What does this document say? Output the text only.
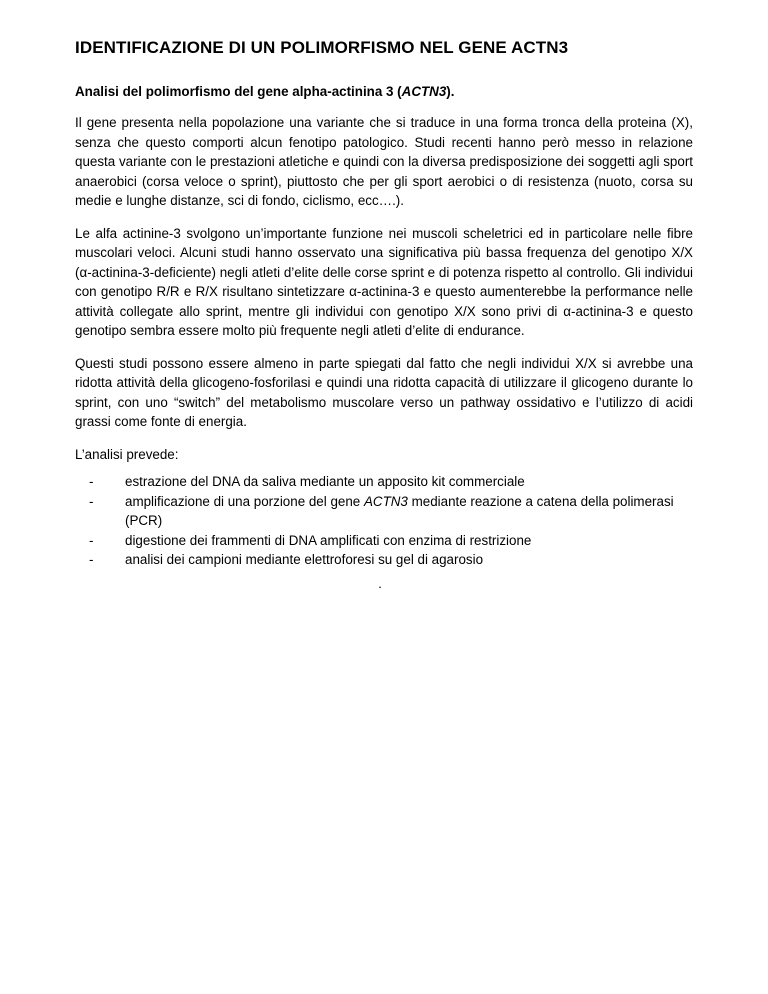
IDENTIFICAZIONE DI UN POLIMORFISMO NEL GENE ACTN3
Analisi del polimorfismo del gene alpha-actinina 3 (ACTN3).

Il gene presenta nella popolazione una variante che si traduce in una forma tronca della proteina (X), senza che questo comporti alcun fenotipo patologico. Studi recenti hanno però messo in relazione questa variante con le prestazioni atletiche e quindi con la diversa predisposizione dei soggetti agli sport anaerobici (corsa veloce o sprint), piuttosto che per gli sport aerobici o di resistenza (nuoto, corsa su medie e lunghe distanze, sci di fondo, ciclismo, ecc….).

Le alfa actinine-3 svolgono un’importante funzione nei muscoli scheletrici ed in particolare nelle fibre muscolari veloci. Alcuni studi hanno osservato una significativa più bassa frequenza del genotipo X/X (α-actinina-3-deficiente) negli atleti d’elite delle corse sprint e di potenza rispetto al controllo. Gli individui con genotipo R/R e R/X risultano sintetizzare α-actinina-3 e questo aumenterebbe la performance nelle attività collegate allo sprint, mentre gli individui con genotipo X/X sono privi di α-actinina-3 e questo genotipo sembra essere molto più frequente negli atleti d’elite di endurance.

Questi studi possono essere almeno in parte spiegati dal fatto che negli individui X/X si avrebbe una ridotta attività della glicogeno-fosforilasi e quindi una ridotta capacità di utilizzare il glicogeno durante lo sprint, con uno “switch” del metabolismo muscolare verso un pathway ossidativo e l’utilizzo di acidi grassi come fonte di energia.

L’analisi prevede:

-	estrazione del DNA da saliva mediante un apposito kit commerciale
-	amplificazione di una porzione del gene ACTN3 mediante reazione a catena della polimerasi (PCR)
-	digestione dei frammenti di DNA amplificati con enzima di restrizione
-	analisi dei campioni mediante elettroforesi su gel di agarosio
.
